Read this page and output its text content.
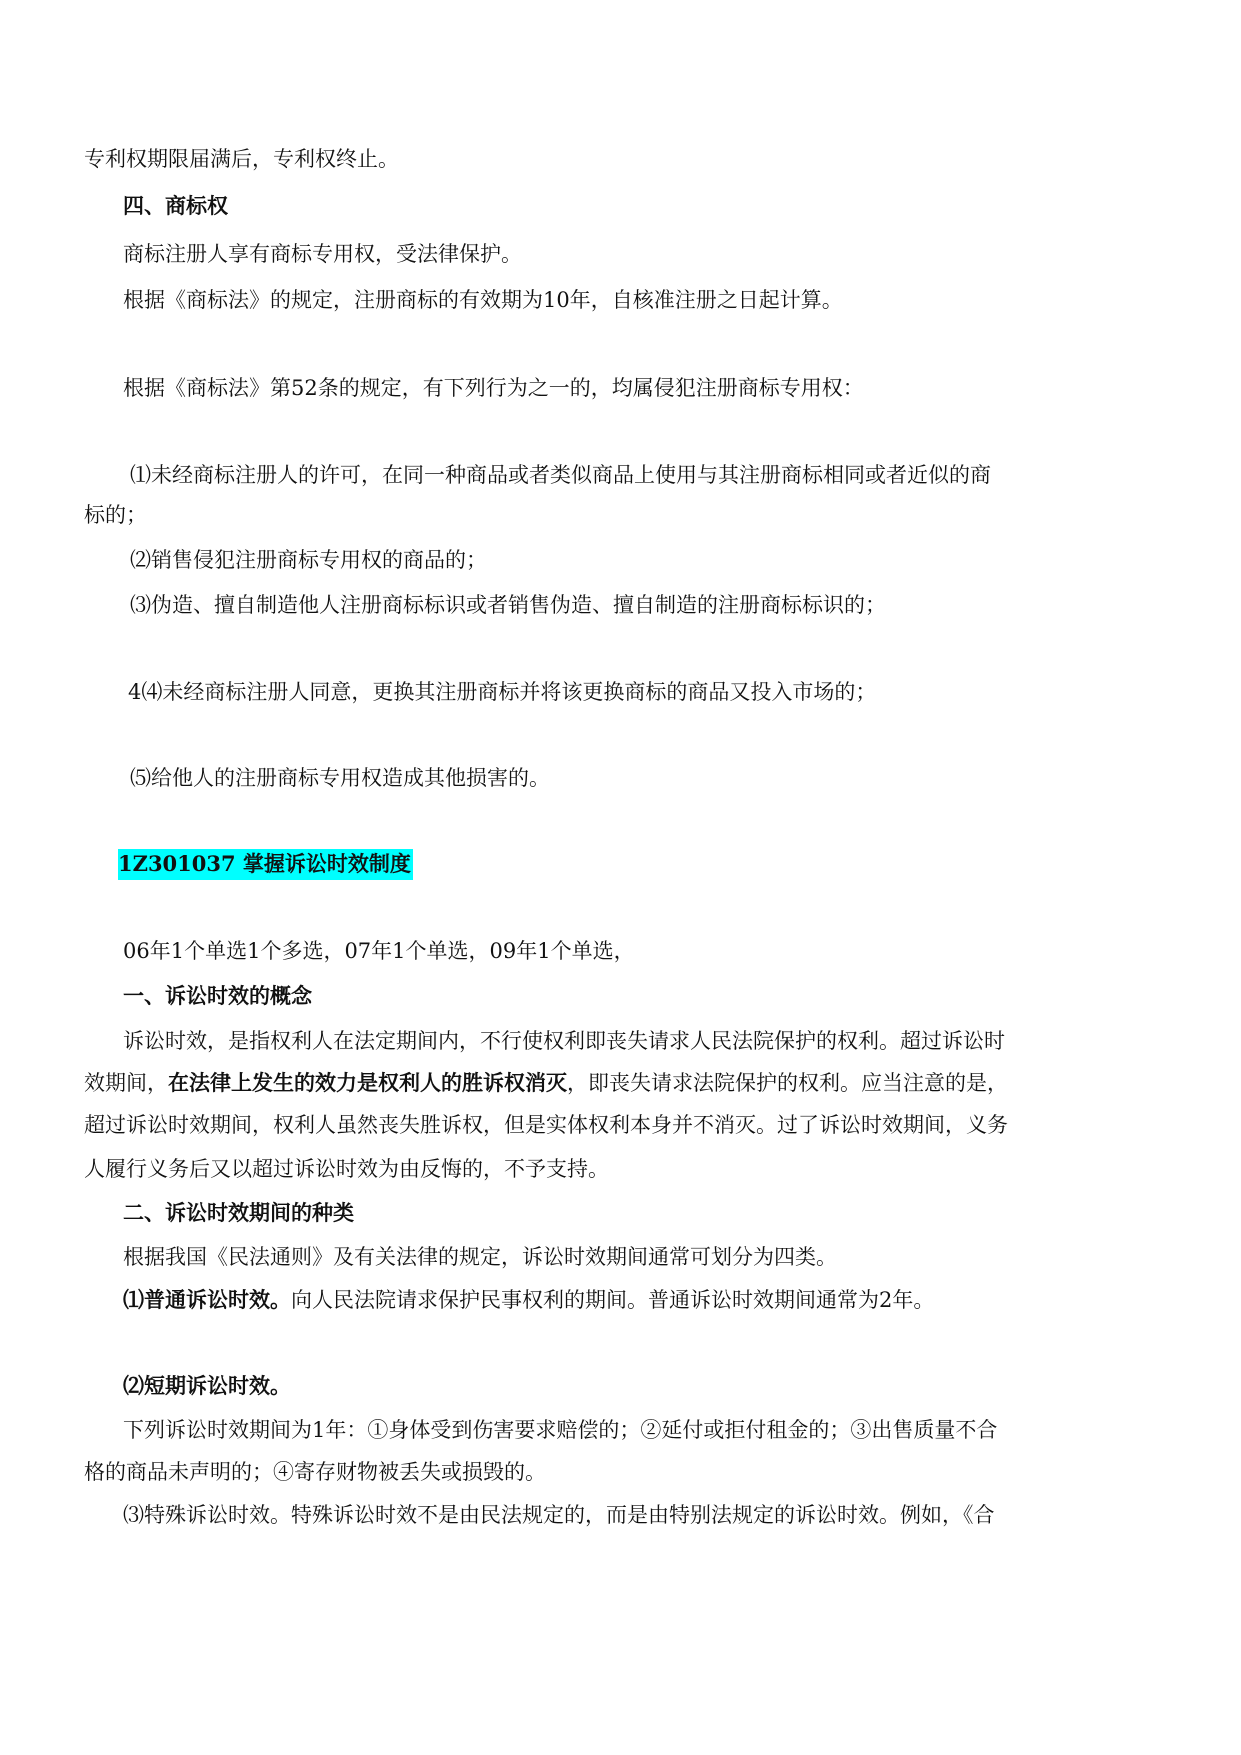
专利权期限届满后，专利权终止。
四、商标权
商标注册人享有商标专用权，受法律保护。
根据《商标法》的规定，注册商标的有效期为10年，自核准注册之日起计算。
根据《商标法》第52条的规定，有下列行为之一的，均属侵犯注册商标专用权：
⑴未经商标注册人的许可，在同一种商品或者类似商品上使用与其注册商标相同或者近似的商
标的；
⑵销售侵犯注册商标专用权的商品的；
⑶伪造、擅自制造他人注册商标标识或者销售伪造、擅自制造的注册商标标识的；
4⑷未经商标注册人同意，更换其注册商标并将该更换商标的商品又投入市场的；
⑸给他人的注册商标专用权造成其他损害的。
1Z301037 掌握诉讼时效制度
06年1个单选1个多选，07年1个单选，09年1个单选，
一、诉讼时效的概念
诉讼时效，是指权利人在法定期间内，不行使权利即丧失请求人民法院保护的权利。超过诉讼时
效期间，在法律上发生的效力是权利人的胜诉权消灭，即丧失请求法院保护的权利。应当注意的是，
超过诉讼时效期间，权利人虽然丧失胜诉权，但是实体权利本身并不消灭。过了诉讼时效期间，义务
人履行义务后又以超过诉讼时效为由反悔的，不予支持。
二、诉讼时效期间的种类
根据我国《民法通则》及有关法律的规定，诉讼时效期间通常可划分为四类。
⑴普通诉讼时效。向人民法院请求保护民事权利的期间。普通诉讼时效期间通常为2年。
⑵短期诉讼时效。
下列诉讼时效期间为1年：①身体受到伤害要求赔偿的；②延付或拒付租金的；③出售质量不合
格的商品未声明的；④寄存财物被丢失或损毁的。
⑶特殊诉讼时效。特殊诉讼时效不是由民法规定的，而是由特别法规定的诉讼时效。例如，《合
